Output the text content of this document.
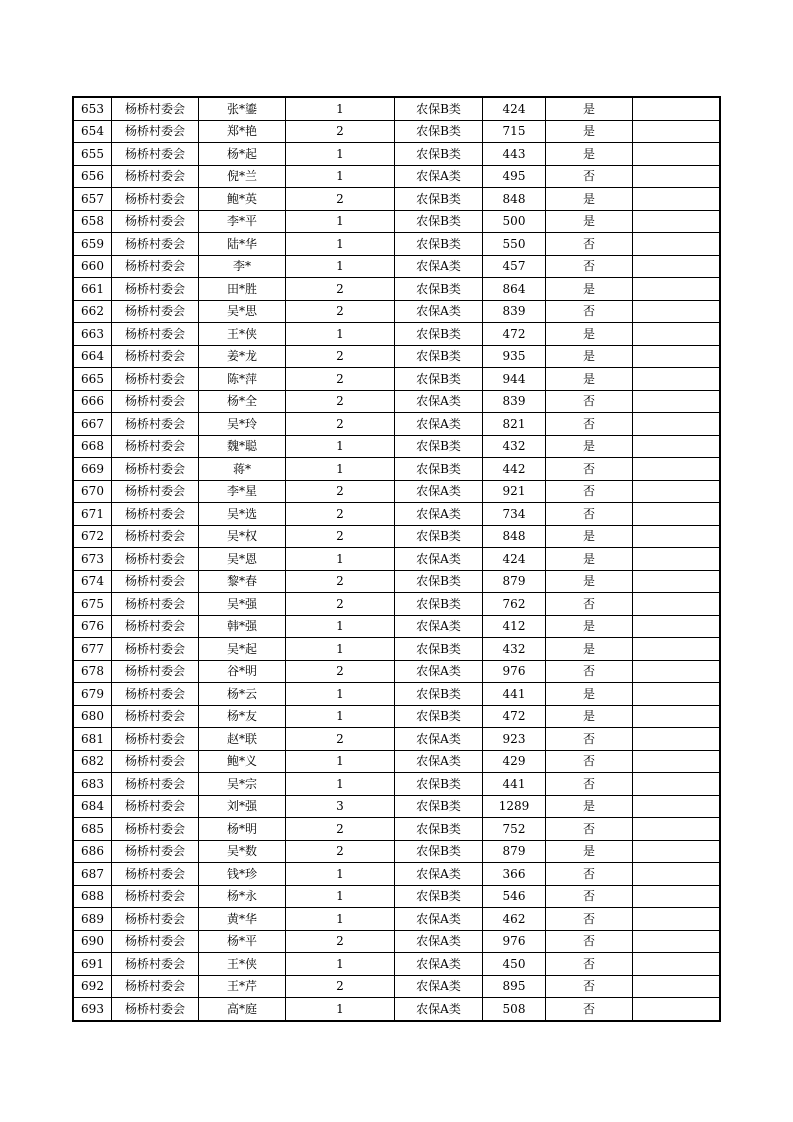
653	杨桥村委会	张*鎏	1	农保B类	424	是	
654	杨桥村委会	郑*艳	2	农保B类	715	是	
655	杨桥村委会	杨*起	1	农保B类	443	是	
656	杨桥村委会	倪*兰	1	农保A类	495	否	
657	杨桥村委会	鲍*英	2	农保B类	848	是	
658	杨桥村委会	李*平	1	农保B类	500	是	
659	杨桥村委会	陆*华	1	农保B类	550	否	
660	杨桥村委会	李*	1	农保A类	457	否	
661	杨桥村委会	田*胜	2	农保B类	864	是	
662	杨桥村委会	吴*思	2	农保A类	839	否	
663	杨桥村委会	王*侠	1	农保B类	472	是	
664	杨桥村委会	姜*龙	2	农保B类	935	是	
665	杨桥村委会	陈*萍	2	农保B类	944	是	
666	杨桥村委会	杨*全	2	农保A类	839	否	
667	杨桥村委会	吴*玲	2	农保A类	821	否	
668	杨桥村委会	魏*聪	1	农保B类	432	是	
669	杨桥村委会	蒋*	1	农保B类	442	否	
670	杨桥村委会	李*星	2	农保A类	921	否	
671	杨桥村委会	吴*选	2	农保A类	734	否	
672	杨桥村委会	吴*权	2	农保B类	848	是	
673	杨桥村委会	吴*恩	1	农保A类	424	是	
674	杨桥村委会	黎*春	2	农保B类	879	是	
675	杨桥村委会	吴*强	2	农保B类	762	否	
676	杨桥村委会	韩*强	1	农保A类	412	是	
677	杨桥村委会	吴*起	1	农保B类	432	是	
678	杨桥村委会	谷*明	2	农保A类	976	否	
679	杨桥村委会	杨*云	1	农保B类	441	是	
680	杨桥村委会	杨*友	1	农保B类	472	是	
681	杨桥村委会	赵*联	2	农保A类	923	否	
682	杨桥村委会	鲍*义	1	农保A类	429	否	
683	杨桥村委会	吴*宗	1	农保B类	441	否	
684	杨桥村委会	刘*强	3	农保B类	1289	是	
685	杨桥村委会	杨*明	2	农保B类	752	否	
686	杨桥村委会	吴*数	2	农保B类	879	是	
687	杨桥村委会	钱*珍	1	农保A类	366	否	
688	杨桥村委会	杨*永	1	农保B类	546	否	
689	杨桥村委会	黄*华	1	农保A类	462	否	
690	杨桥村委会	杨*平	2	农保A类	976	否	
691	杨桥村委会	王*侠	1	农保A类	450	否	
692	杨桥村委会	王*芹	2	农保A类	895	否	
693	杨桥村委会	高*庭	1	农保A类	508	否	
